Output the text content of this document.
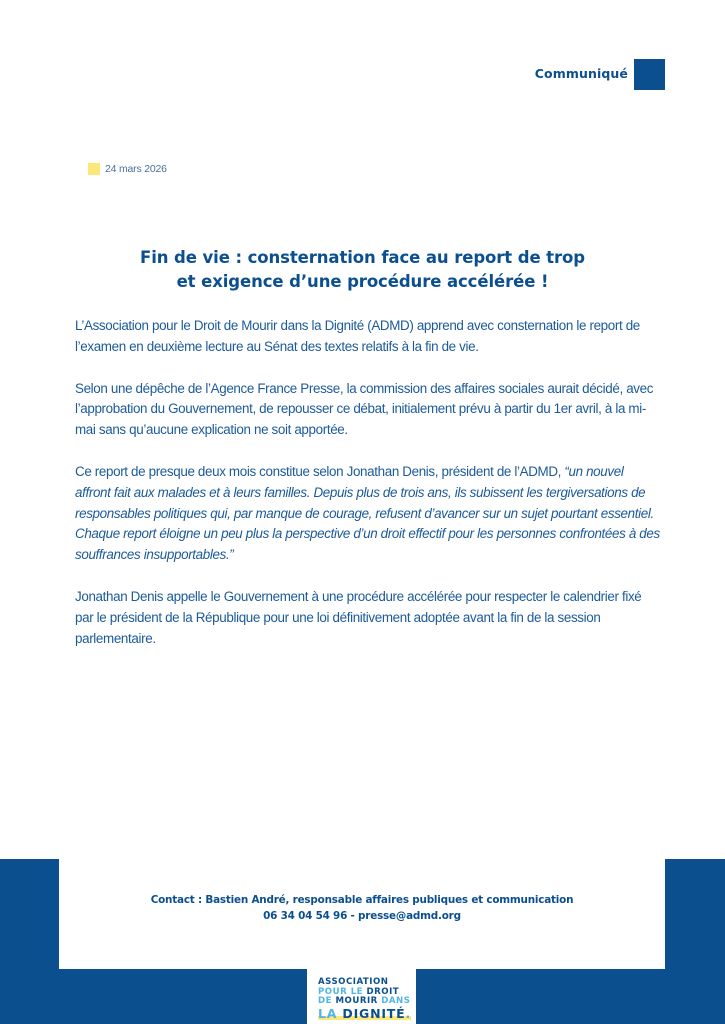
Communiqué
24 mars 2026
Fin de vie : consternation face au report de trop
et exigence d’une procédure accélérée !

L’Association pour le Droit de Mourir dans la Dignité (ADMD) apprend avec consternation le report de l’examen en deuxième lecture au Sénat des textes relatifs à la fin de vie.

Selon une dépêche de l’Agence France Presse, la commission des affaires sociales aurait décidé, avec l’approbation du Gouvernement, de repousser ce débat, initialement prévu à partir du 1er avril, à la mi-mai sans qu’aucune explication ne soit apportée.

Ce report de presque deux mois constitue selon Jonathan Denis, président de l’ADMD, “un nouvel affront fait aux malades et à leurs familles. Depuis plus de trois ans, ils subissent les tergiversations de responsables politiques qui, par manque de courage, refusent d’avancer sur un sujet pourtant essentiel. Chaque report éloigne un peu plus la perspective d’un droit effectif pour les personnes confrontées à des souffrances insupportables.”

Jonathan Denis appelle le Gouvernement à une procédure accélérée pour respecter le calendrier fixé par le président de la République pour une loi définitivement adoptée avant la fin de la session parlementaire.

Contact : Bastien André, responsable affaires publiques et communication
06 34 04 54 96 - presse@admd.org
ASSOCIATION
POUR LE DROIT
DE MOURIR DANS
LA DIGNITÉ.
